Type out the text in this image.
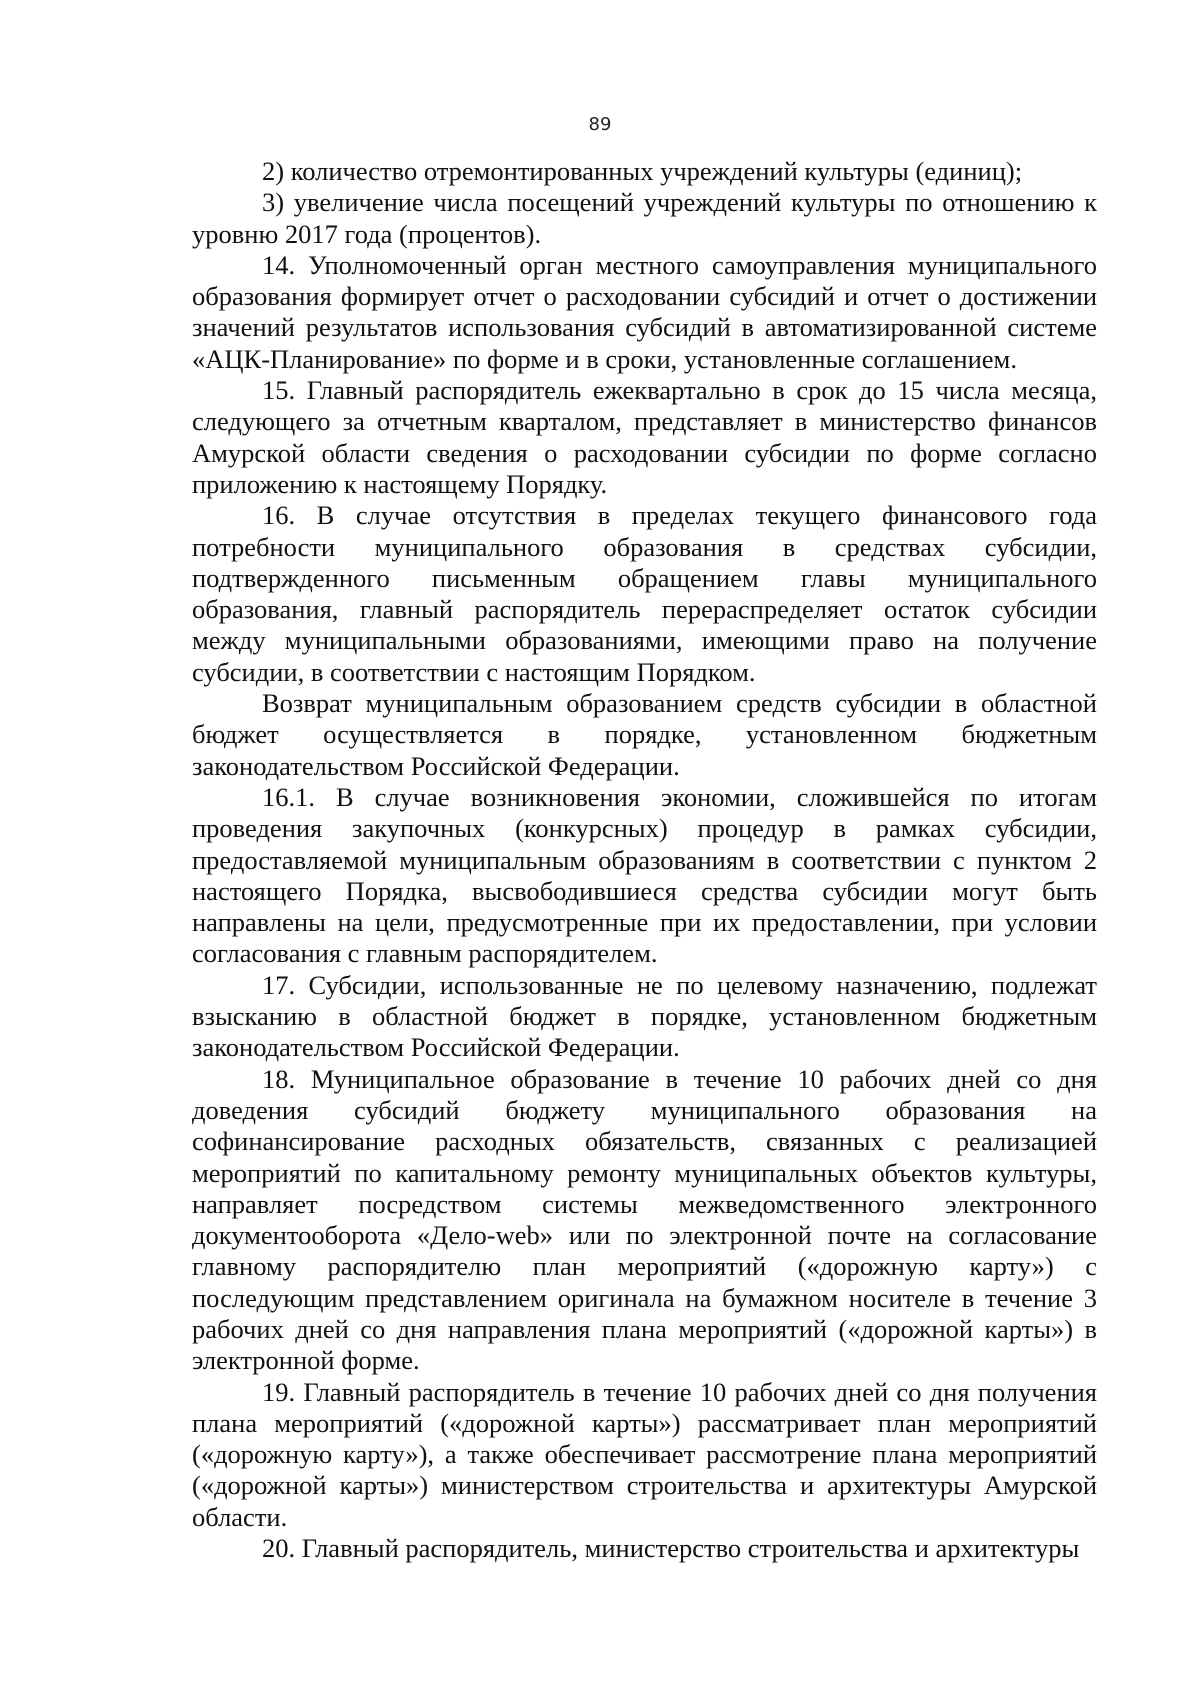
89

2) количество отремонтированных учреждений культуры (единиц);

3) увеличение числа посещений учреждений культуры по отношению к уровню 2017 года (процентов).

14. Уполномоченный орган местного самоуправления муниципального образования формирует отчет о расходовании субсидий и отчет о достижении значений результатов использования субсидий в автоматизированной системе «АЦК-Планирование» по форме и в сроки, установленные соглашением.

15. Главный распорядитель ежеквартально в срок до 15 числа месяца, следующего за отчетным кварталом, представляет в министерство финансов Амурской области сведения о расходовании субсидии по форме согласно приложению к настоящему Порядку.

16. В случае отсутствия в пределах текущего финансового года потребности муниципального образования в средствах субсидии, подтвержденного письменным обращением главы муниципального образования, главный распорядитель перераспределяет остаток субсидии между муниципальными образованиями, имеющими право на получение субсидии, в соответствии с настоящим Порядком.

Возврат муниципальным образованием средств субсидии в областной бюджет осуществляется в порядке, установленном бюджетным законодательством Российской Федерации.

16.1. В случае возникновения экономии, сложившейся по итогам проведения закупочных (конкурсных) процедур в рамках субсидии, предоставляемой муниципальным образованиям в соответствии с пунктом 2 настоящего Порядка, высвободившиеся средства субсидии могут быть направлены на цели, предусмотренные при их предоставлении, при условии согласования с главным распорядителем.

17. Субсидии, использованные не по целевому назначению, подлежат взысканию в областной бюджет в порядке, установленном бюджетным законодательством Российской Федерации.

18. Муниципальное образование в течение 10 рабочих дней со дня доведения субсидий бюджету муниципального образования на софинансирование расходных обязательств, связанных с реализацией мероприятий по капитальному ремонту муниципальных объектов культуры, направляет посредством системы межведомственного электронного документооборота «Дело-web» или по электронной почте на согласование главному распорядителю план мероприятий («дорожную карту») с последующим представлением оригинала на бумажном носителе в течение 3 рабочих дней со дня направления плана мероприятий («дорожной карты») в электронной форме.

19. Главный распорядитель в течение 10 рабочих дней со дня получения плана мероприятий («дорожной карты») рассматривает план мероприятий («дорожную карту»), а также обеспечивает рассмотрение плана мероприятий («дорожной карты») министерством строительства и архитектуры Амурской области.

20. Главный распорядитель, министерство строительства и архитектуры
